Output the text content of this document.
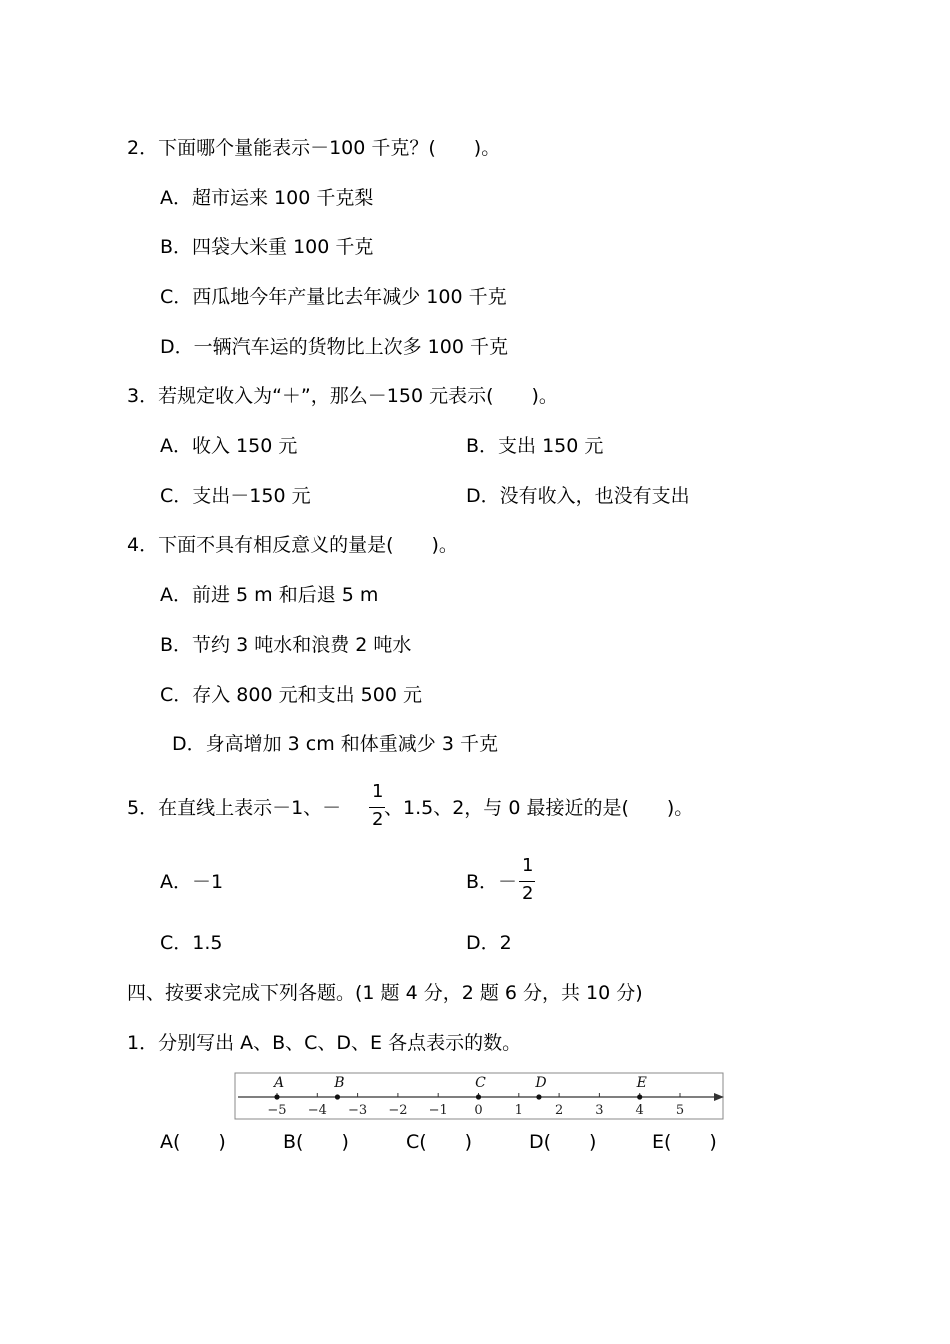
2．下面哪个量能表示－100 千克？(　　)。
A．超市运来 100 千克梨
B．四袋大米重 100 千克
C．西瓜地今年产量比去年减少 100 千克
D．一辆汽车运的货物比上次多 100 千克
3．若规定收入为“＋”，那么－150 元表示(　　)。
A．收入 150 元	B．支出 150 元
C．支出－150 元	D．没有收入，也没有支出
4．下面不具有相反意义的量是(　　)。
A．前进 5 m 和后退 5 m
B．节约 3 吨水和浪费 2 吨水
C．存入 800 元和支出 500 元
D．身高增加 3 cm 和体重减少 3 千克
5．在直线上表示－1、－
1
2
、1.5、2，与 0 最接近的是(　　)。
A．－1	B．－
1
2
C．1.5	D．2
四、按要求完成下列各题。(1 题 4 分，2 题 6 分，共 10 分)
1．分别写出 A、B、C、D、E 各点表示的数。
−5 −4 −3 −2 −1 0 1 2 3 4 5
A	B	C	D	E
A(　　)	B(　　)	C(　　)	D(　　)	E(　　)
